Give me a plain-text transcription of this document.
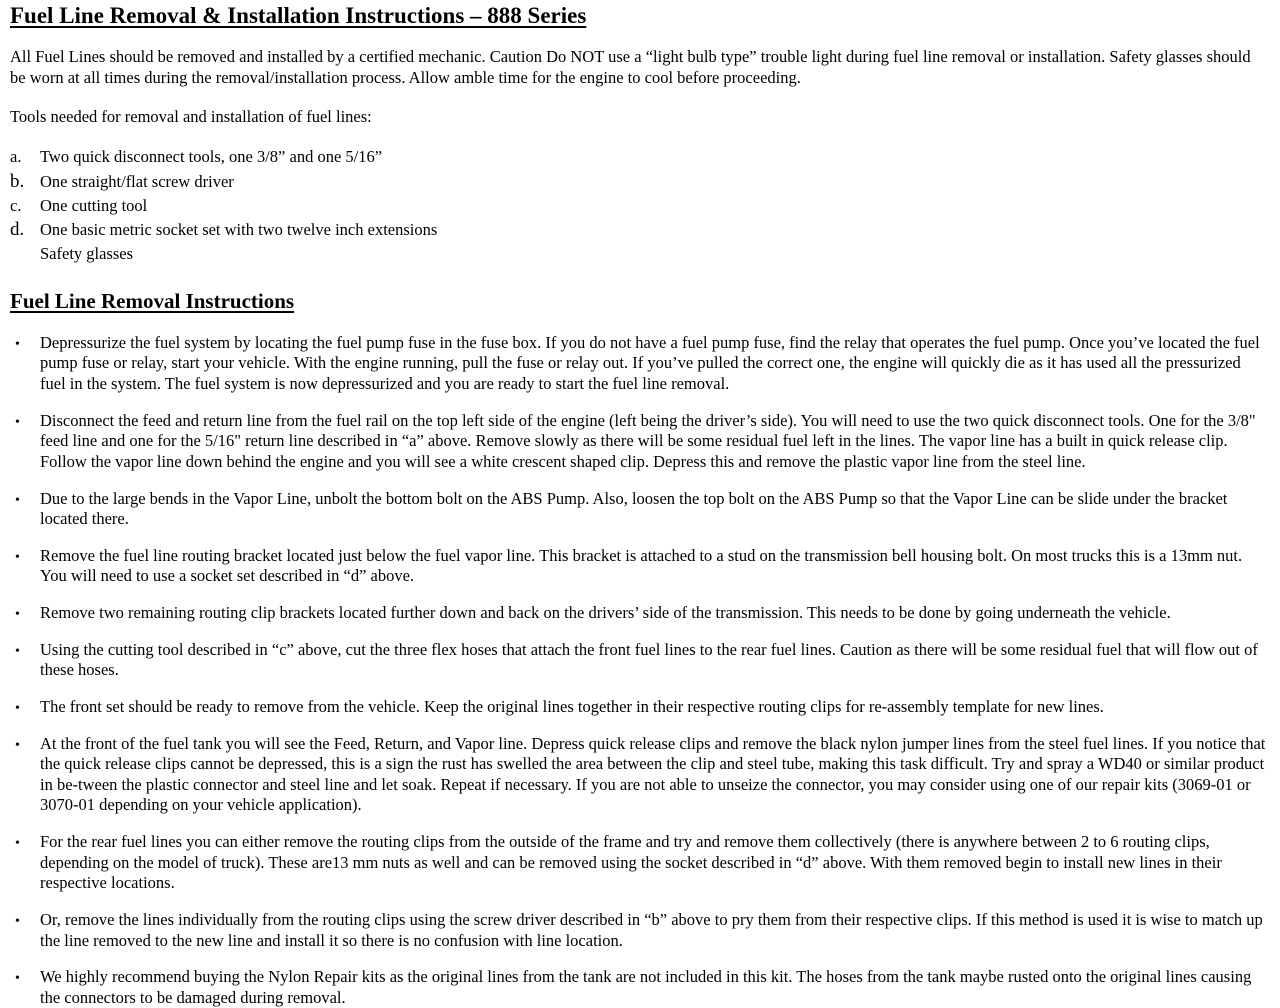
Fuel Line Removal & Installation Instructions – 888 Series

All Fuel Lines should be removed and installed by a certified mechanic. Caution Do NOT use a “light bulb type” trouble light during fuel line removal or installation. Safety glasses should be worn at all times during the removal/installation process. Allow amble time for the engine to cool before proceeding.

Tools needed for removal and installation of fuel lines:

a.	Two quick disconnect tools, one 3/8” and one 5/16”
b. One straight/flat screw driver
c.	One cutting tool
d. One basic metric socket set with two twelve inch extensions
Safety glasses
Fuel Line Removal Instructions
•	Depressurize the fuel system by locating the fuel pump fuse in the fuse box. If you do not have a fuel pump fuse, find the relay that operates the fuel pump. Once you’ve located the fuel pump fuse or relay, start your vehicle. With the engine running, pull the fuse or relay out. If you’ve pulled the correct one, the engine will quickly die as it has used all the pressurized fuel in the system. The fuel system is now depressurized and you are ready to start the fuel line removal.
•	Disconnect the feed and return line from the fuel rail on the top left side of the engine (left being the driver’s side). You will need to use the two quick disconnect tools. One for the 3/8" feed line and one for the 5/16" return line described in “a” above. Remove slowly as there will be some residual fuel left in the lines. The vapor line has a built in quick release clip. Follow the vapor line down behind the engine and you will see a white crescent shaped clip. Depress this and remove the plastic vapor line from the steel line.
•	Due to the large bends in the Vapor Line, unbolt the bottom bolt on the ABS Pump. Also, loosen the top bolt on the ABS Pump so that the Vapor Line can be slide under the bracket located there.
•	Remove the fuel line routing bracket located just below the fuel vapor line. This bracket is attached to a stud on the transmission bell housing bolt. On most trucks this is a 13mm nut. You will need to use a socket set described in “d” above.
•	Remove two remaining routing clip brackets located further down and back on the drivers’ side of the transmission. This needs to be done by going underneath the vehicle.
•	Using the cutting tool described in “c” above, cut the three flex hoses that attach the front fuel lines to the rear fuel lines. Caution as there will be some residual fuel that will flow out of these hoses.
•	The front set should be ready to remove from the vehicle. Keep the original lines together in their respective routing clips for re-assembly template for new lines.
•	At the front of the fuel tank you will see the Feed, Return, and Vapor line. Depress quick release clips and remove the black nylon jumper lines from the steel fuel lines. If you notice that the quick release clips cannot be depressed, this is a sign the rust has swelled the area between the clip and steel tube, making this task difficult. Try and spray a WD40 or similar product in be-tween the plastic connector and steel line and let soak. Repeat if necessary. If you are not able to unseize the connector, you may consider using one of our repair kits (3069-01 or 3070-01 depending on your vehicle application).
•	For the rear fuel lines you can either remove the routing clips from the outside of the frame and try and remove them collectively (there is anywhere between 2 to 6 routing clips, depending on the model of truck). These are13 mm nuts as well and can be removed using the socket described in “d” above. With them removed begin to install new lines in their respective locations.
•	Or, remove the lines individually from the routing clips using the screw driver described in “b” above to pry them from their respective clips. If this method is used it is wise to match up the line removed to the new line and install it so there is no confusion with line location.
•	We highly recommend buying the Nylon Repair kits as the original lines from the tank are not included in this kit. The hoses from the tank maybe rusted onto the original lines causing the connectors to be damaged during removal.
